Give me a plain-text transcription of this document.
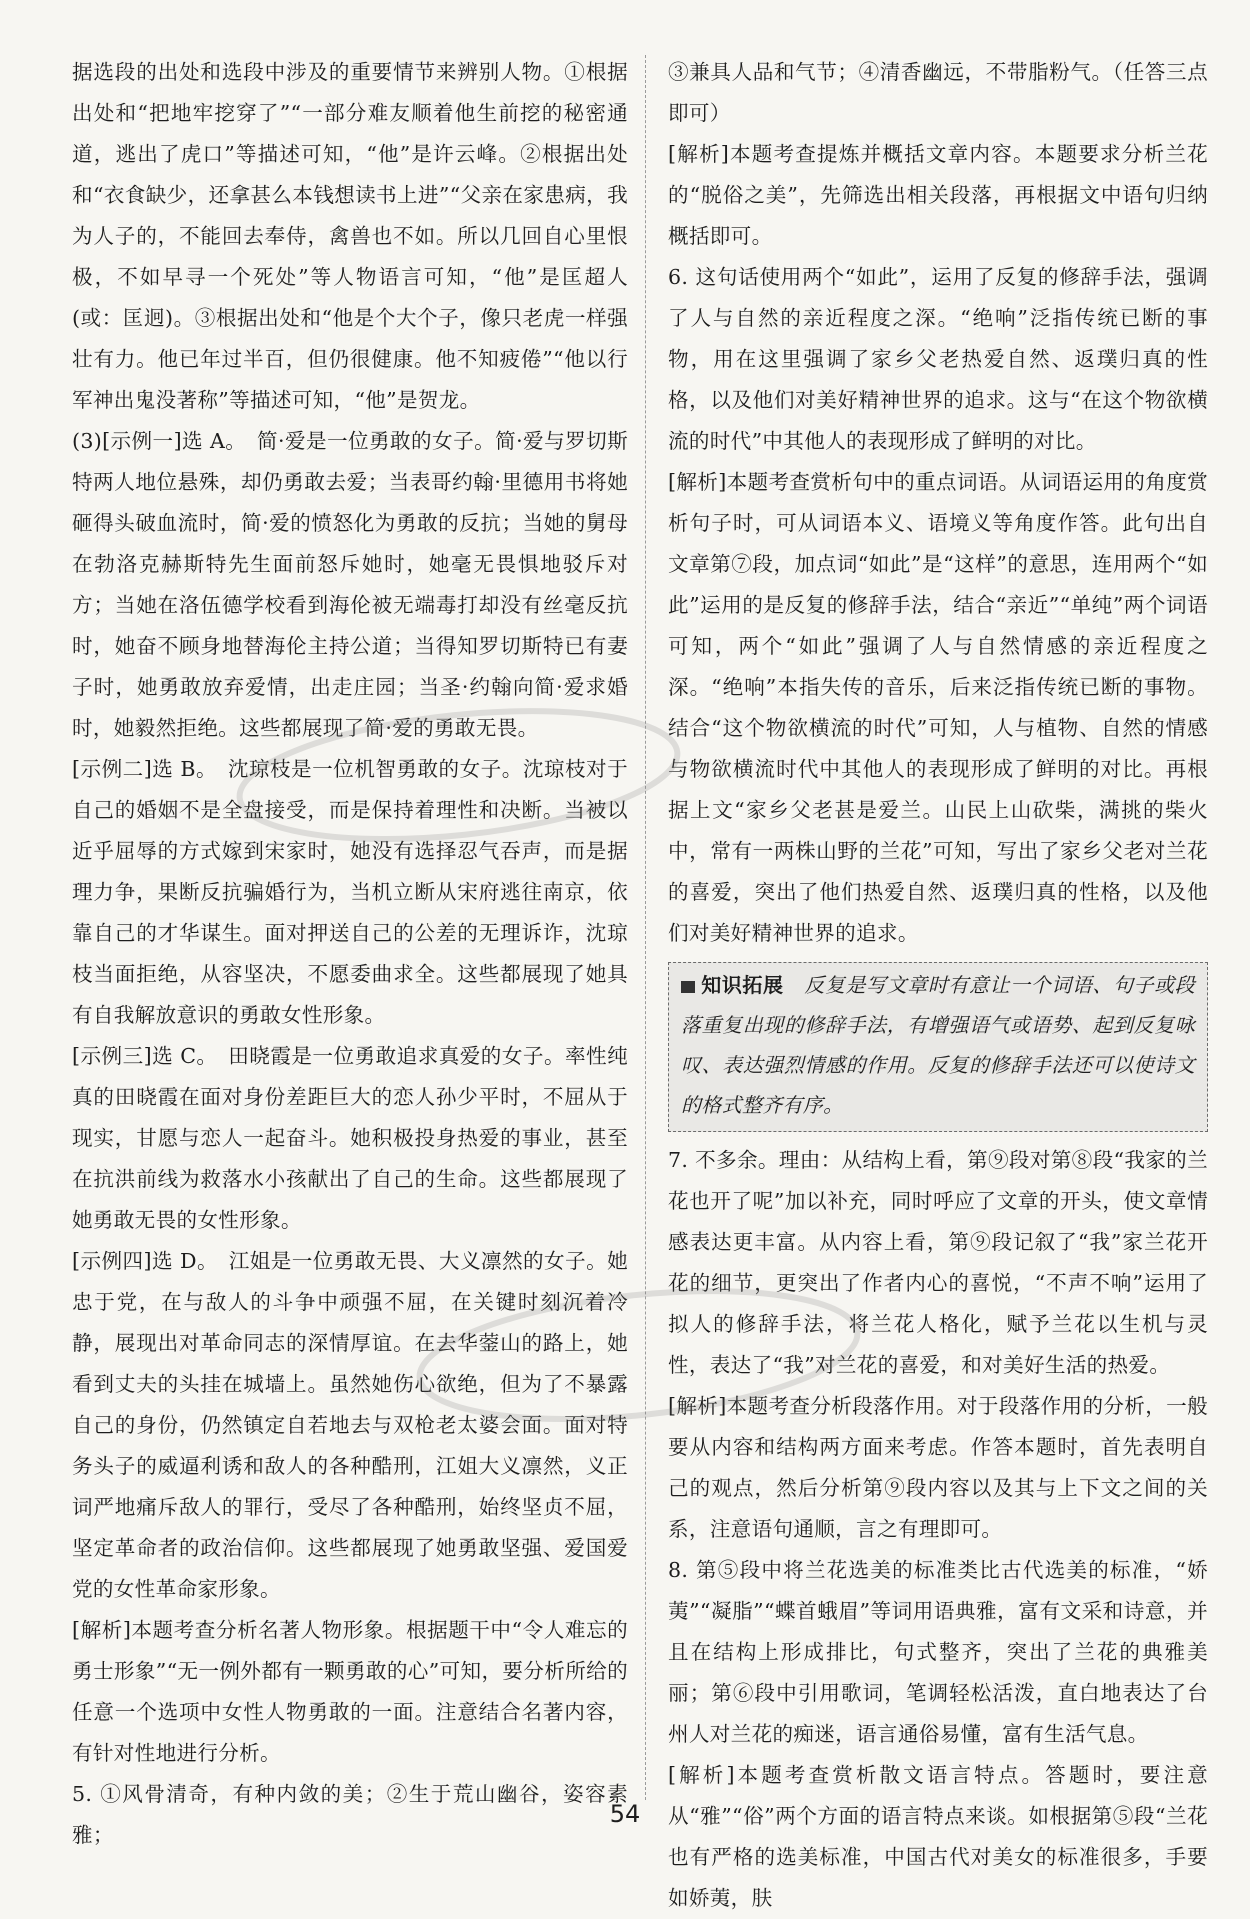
据选段的出处和选段中涉及的重要情节来辨别人物。①根据出处和“把地牢挖穿了”“一部分难友顺着他生前挖的秘密通道，逃出了虎口”等描述可知，“他”是许云峰。②根据出处和“衣食缺少，还拿甚么本钱想读书上进”“父亲在家患病，我为人子的，不能回去奉侍，禽兽也不如。所以几回自心里恨极，不如早寻一个死处”等人物语言可知，“他”是匡超人(或：匡迥)。③根据出处和“他是个大个子，像只老虎一样强壮有力。他已年过半百，但仍很健康。他不知疲倦”“他以行军神出鬼没著称”等描述可知，“他”是贺龙。

(3)[ 示例一 ] 选 A。　简·爱是一位勇敢的女子。简·爱与罗切斯特两人地位悬殊，却仍勇敢去爱；当表哥约翰·里德用书将她砸得头破血流时，简·爱的愤怒化为勇敢的反抗；当她的舅母在勃洛克赫斯特先生面前怒斥她时，她毫无畏惧地驳斥对方；当她在洛伍德学校看到海伦被无端毒打却没有丝毫反抗时，她奋不顾身地替海伦主持公道；当得知罗切斯特已有妻子时，她勇敢放弃爱情，出走庄园；当圣·约翰向简·爱求婚时，她毅然拒绝。这些都展现了简·爱的勇敢无畏。

[ 示例二 ] 选 B。　沈琼枝是一位机智勇敢的女子。沈琼枝对于自己的婚姻不是全盘接受，而是保持着理性和决断。当被以近乎屈辱的方式嫁到宋家时，她没有选择忍气吞声，而是据理力争，果断反抗骗婚行为，当机立断从宋府逃往南京，依靠自己的才华谋生。面对押送自己的公差的无理诉诈，沈琼枝当面拒绝，从容坚决，不愿委曲求全。这些都展现了她具有自我解放意识的勇敢女性形象。

[ 示例三 ] 选 C。　田晓霞是一位勇敢追求真爱的女子。率性纯真的田晓霞在面对身份差距巨大的恋人孙少平时，不屈从于现实，甘愿与恋人一起奋斗。她积极投身热爱的事业，甚至在抗洪前线为救落水小孩献出了自己的生命。这些都展现了她勇敢无畏的女性形象。

[ 示例四 ] 选 D。　江姐是一位勇敢无畏、大义凛然的女子。她忠于党，在与敌人的斗争中顽强不屈，在关键时刻沉着冷静，展现出对革命同志的深情厚谊。在去华蓥山的路上，她看到丈夫的头挂在城墙上。虽然她伤心欲绝，但为了不暴露自己的身份，仍然镇定自若地去与双枪老太婆会面。面对特务头子的威逼利诱和敌人的各种酷刑，江姐大义凛然，义正词严地痛斥敌人的罪行，受尽了各种酷刑，始终坚贞不屈，坚定革命者的政治信仰。这些都展现了她勇敢坚强、爱国爱党的女性革命家形象。

[ 解析 ] 本题考查分析名著人物形象。根据题干中“令人难忘的勇士形象”“无一例外都有一颗勇敢的心”可知，要分析所给的任意一个选项中女性人物勇敢的一面。注意结合名著内容，有针对性地进行分析。

5. ①风骨清奇，有种内敛的美；②生于荒山幽谷，姿容素雅；

③兼具人品和气节；④清香幽远，不带脂粉气。（任答三点即可）

[ 解析 ] 本题考查提炼并概括文章内容。本题要求分析兰花的“脱俗之美”，先筛选出相关段落，再根据文中语句归纳概括即可。

6. 这句话使用两个“如此”，运用了反复的修辞手法，强调了人与自然的亲近程度之深。“绝响”泛指传统已断的事物，用在这里强调了家乡父老热爱自然、返璞归真的性格，以及他们对美好精神世界的追求。这与“在这个物欲横流的时代”中其他人的表现形成了鲜明的对比。

[ 解析 ] 本题考查赏析句中的重点词语。从词语运用的角度赏析句子时，可从词语本义、语境义等角度作答。此句出自文章第⑦段，加点词“如此”是“这样”的意思，连用两个“如此”运用的是反复的修辞手法，结合“亲近”“单纯”两个词语可知，两个“如此”强调了人与自然情感的亲近程度之深。“绝响”本指失传的音乐，后来泛指传统已断的事物。结合“这个物欲横流的时代”可知，人与植物、自然的情感与物欲横流时代中其他人的表现形成了鲜明的对比。再根据上文“家乡父老甚是爱兰。山民上山砍柴，满挑的柴火中，常有一两株山野的兰花”可知，写出了家乡父老对兰花的喜爱，突出了他们热爱自然、返璞归真的性格，以及他们对美好精神世界的追求。

知识拓展 反复是写文章时有意让一个词语、句子或段落重复出现的修辞手法，有增强语气或语势、起到反复咏叹、表达强烈情感的作用。反复的修辞手法还可以使诗文的格式整齐有序。

7. 不多余。理由：从结构上看，第⑨段对第⑧段“我家的兰花也开了呢”加以补充，同时呼应了文章的开头，使文章情感表达更丰富。从内容上看，第⑨段记叙了“我”家兰花开花的细节，更突出了作者内心的喜悦，“不声不响”运用了拟人的修辞手法，将兰花人格化，赋予兰花以生机与灵性，表达了“我”对兰花的喜爱，和对美好生活的热爱。

[ 解析 ] 本题考查分析段落作用。对于段落作用的分析，一般要从内容和结构两方面来考虑。作答本题时，首先表明自己的观点，然后分析第⑨段内容以及其与上下文之间的关系，注意语句通顺，言之有理即可。

8. 第⑤段中将兰花选美的标准类比古代选美的标准，“娇荑”“凝脂”“蝶首蛾眉”等词用语典雅，富有文采和诗意，并且在结构上形成排比，句式整齐，突出了兰花的典雅美丽；第⑥段中引用歌词，笔调轻松活泼，直白地表达了台州人对兰花的痴迷，语言通俗易懂，富有生活气息。

[ 解析 ] 本题考查赏析散文语言特点。答题时，要注意从“雅”“俗”两个方面的语言特点来谈。如根据第⑤段“兰花也有严格的选美标准，中国古代对美女的标准很多，手要如娇荑，肤

54
